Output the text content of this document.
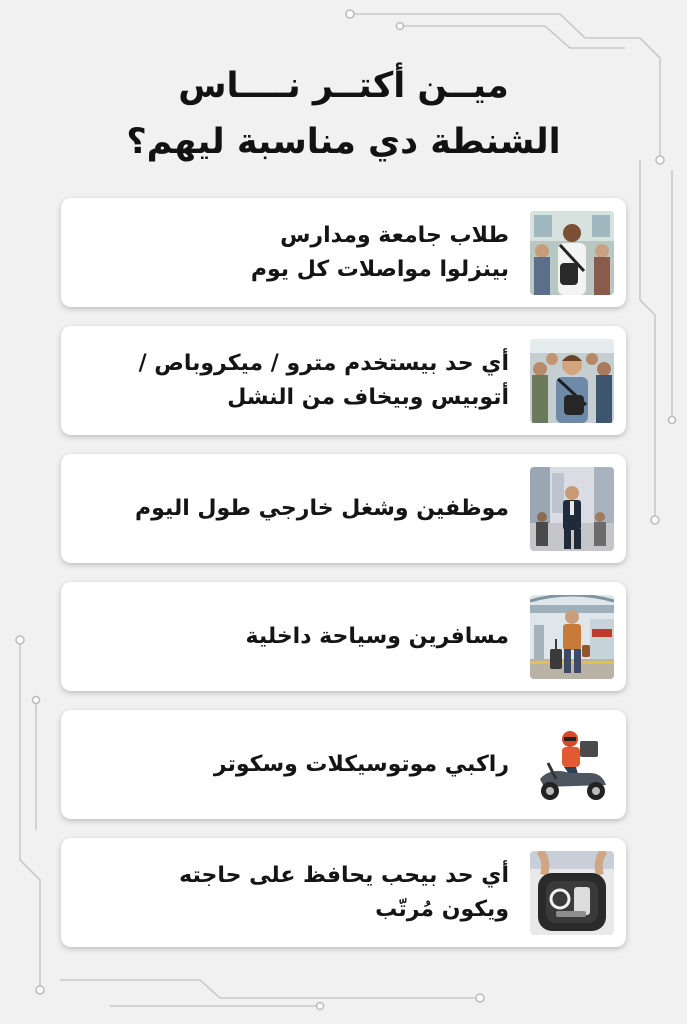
ميــن أكتــر نــــاس
الشنطة دي مناسبة ليهم؟
طلاب جامعة ومدارس
بينزلوا مواصلات كل يوم
أي حد بيستخدم مترو / ميكروباص /
أتوبيس وبيخاف من النشل
موظفين وشغل خارجي طول اليوم
مسافرين وسياحة داخلية
راكبي موتوسيكلات وسكوتر
أي حد بيحب يحافظ على حاجته
ويكون مُرتّب
